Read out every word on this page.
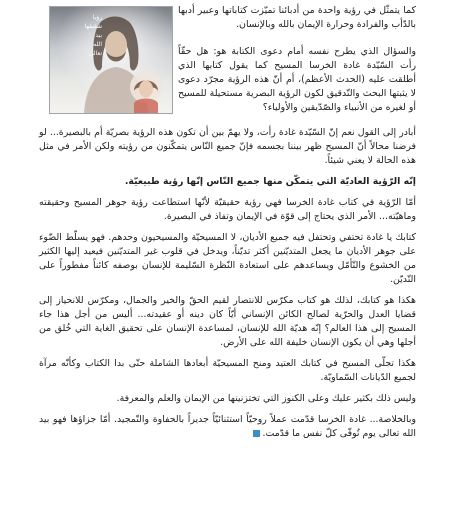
رؤيا
شقيقها
بيد
الله
تعالى
كما يتمثّل في رؤية واحدة من أدبائنا تميّزت كتاباتها وعبير أدبها بالدّأب والفرادة وحرارة الإيمان بالله وبالإنسان.
والسؤال الذي يطرح نفسه أمام دعوى الكتابة هو: هل حقّاً رأت السّيّدة غادة الخرسا المسيح كما يقول كتابها الذي أطلقت عليه (الحدث الأعظم)، أم أنّ هذه الرؤية مجرّد دعوى لا يثبتها البحث والتّدقيق لكون الرؤية البصرية مستحيلة للمسيح أو لغيره من الأنبياء والصّدّيقين والأولياء؟

أبادر إلى القول نعم إنّ السّيّدة غادة رأت، ولا يهمّ بين أن تكون هذه الرؤية بصريّة أم بالبصيرة... لو فرضنا محالاً أنّ المسيح ظهر بيننا بجسمه فإنّ جميع النّاس يتمكّنون من رؤيته ولكن الأمر في مثل هذه الحالة لا يعني شيئاً.

إنّه الرّؤية العاديّة التي يتمكّن منها جميع النّاس إنّها رؤية طبيعيّة.

أمّا الرّؤية في كتاب غادة الخرسا فهي رؤية حقيقيّة لأنّها استطاعت رؤية جوهر المسيح وحقيقته وماهيّته... الأمر الذي يحتاج إلى قوّة في الإيمان وتفاذ في البصيرة.

كتابك يا غادة تحتفي وتحتفل فيه جميع الأديان، لا المسيحيّة والمسيحيون وحدهم. فهو يسلّط الضّوء على جوهر الأديان ما يجعل المتديّنين أكثر تديّناً، ويدخل في قلوب غير المتديّنين فيعيد إليها الكثير من الخشوع والتّأمّل ويساعدهم على استعادة النّظرة السّليمة للإنسان بوصفه كائناً مفطوراً على التّديّن.

هكذا هو كتابك، لذلك هو كتاب مكرّس للانتصار لقيم الحقّ والخير والجمال، ومكرّس للانحياز إلى قضايا العدل والحرّية لصالح الكائن الإنساني أيّاً كان دينه أو عقيدته... أليس من أجل هذا جاء المسيح إلى هذا العالم؟ إنّه هديّة الله للإنسان، لمساعدة الإنسان على تحقيق الغاية التي خُلق من أجلها وهي أن يكون الإنسان خليفة الله على الأرض.

هكذا تجلّى المسيح في كتابك العتيد ومنح المسيحيّة أبعادها الشاملة حتّى بدا الكتاب وكأنّه مرآة لجميع الدّيانات السّماويّة.

وليس ذلك بكثير عليك وعلى الكنوز التي تختزنينها من الإيمان والعلم والمعرفة.

وبالخلاصة... غادة الخرسا قدّمت عملاً روحيّاً استثنائيّاً جديراً بالحفاوة والتّمجيد. أمّا جزاؤها فهو بيد الله تعالى يوم تُوفّى كلّ نفس ما قدّمت.
